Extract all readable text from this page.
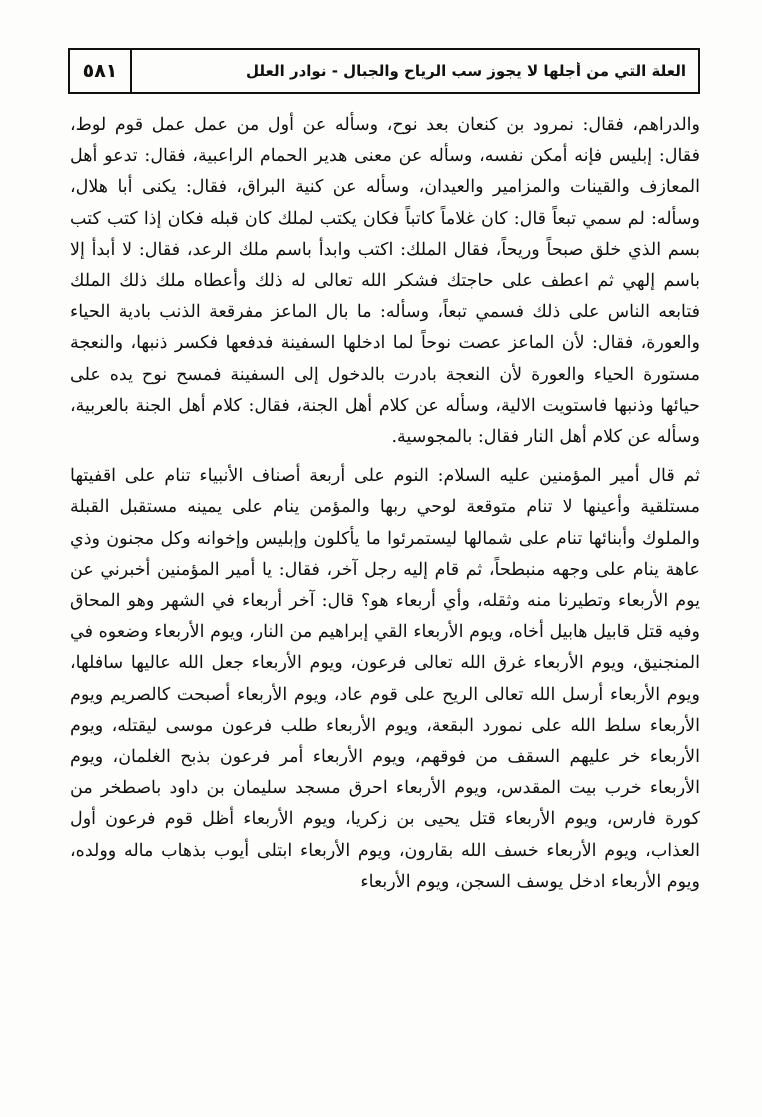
العلة التي من أجلها لا يجوز سب الرياح والجبال - نوادر العلل
٥٨١

والدراهم، فقال: نمرود بن كنعان بعد نوح، وسأله عن أول من عمل عمل قوم لوط، فقال: إبليس فإنه أمكن نفسه، وسأله عن معنى هدير الحمام الراعبية، فقال: تدعو أهل المعازف والقينات والمزامير والعيدان، وسأله عن كنية البراق، فقال: يكنى أبا هلال، وسأله: لم سمي تبعاً قال: كان غلاماً كاتباً فكان يكتب لملك كان قبله فكان إذا كتب كتب بسم الذي خلق صبحاً وريحاً، فقال الملك: اكتب وابدأ باسم ملك الرعد، فقال: لا أبدأ إلا باسم إلهي ثم اعطف على حاجتك فشكر الله تعالى له ذلك وأعطاه ملك ذلك الملك فتابعه الناس على ذلك فسمي تبعاً، وسأله: ما بال الماعز مفرقعة الذنب بادية الحياء والعورة، فقال: لأن الماعز عصت نوحاً لما ادخلها السفينة فدفعها فكسر ذنبها، والنعجة مستورة الحياء والعورة لأن النعجة بادرت بالدخول إلى السفينة فمسح نوح يده على حيائها وذنبها فاستويت الالية، وسأله عن كلام أهل الجنة، فقال: كلام أهل الجنة بالعربية، وسأله عن كلام أهل النار فقال: بالمجوسية.

ثم قال أمير المؤمنين عليه السلام: النوم على أربعة أصناف الأنبياء تنام على اقفيتها مستلقية وأعينها لا تنام متوقعة لوحي ربها والمؤمن ينام على يمينه مستقبل القبلة والملوك وأبنائها تنام على شمالها ليستمرئوا ما يأكلون وإبليس وإخوانه وكل مجنون وذي عاهة ينام على وجهه منبطحاً، ثم قام إليه رجل آخر، فقال: يا أمير المؤمنين أخبرني عن يوم الأربعاء وتطيرنا منه وثقله، وأي أربعاء هو؟ قال: آخر أربعاء في الشهر وهو المحاق وفيه قتل قابيل هابيل أخاه، ويوم الأربعاء القي إبراهيم من النار، ويوم الأربعاء وضعوه في المنجنيق، ويوم الأربعاء غرق الله تعالى فرعون، ويوم الأربعاء جعل الله عاليها سافلها، ويوم الأربعاء أرسل الله تعالى الريح على قوم عاد، ويوم الأربعاء أصبحت كالصريم ويوم الأربعاء سلط الله على نمورد البقعة، ويوم الأربعاء طلب فرعون موسى ليقتله، ويوم الأربعاء خر عليهم السقف من فوقهم، ويوم الأربعاء أمر فرعون بذبح الغلمان، ويوم الأربعاء خرب بيت المقدس، ويوم الأربعاء احرق مسجد سليمان بن داود باصطخر من كورة فارس، ويوم الأربعاء قتل يحيى بن زكريا، ويوم الأربعاء أظل قوم فرعون أول العذاب، ويوم الأربعاء خسف الله بقارون، ويوم الأربعاء ابتلى أيوب بذهاب ماله وولده، ويوم الأربعاء ادخل يوسف السجن، ويوم الأربعاء
